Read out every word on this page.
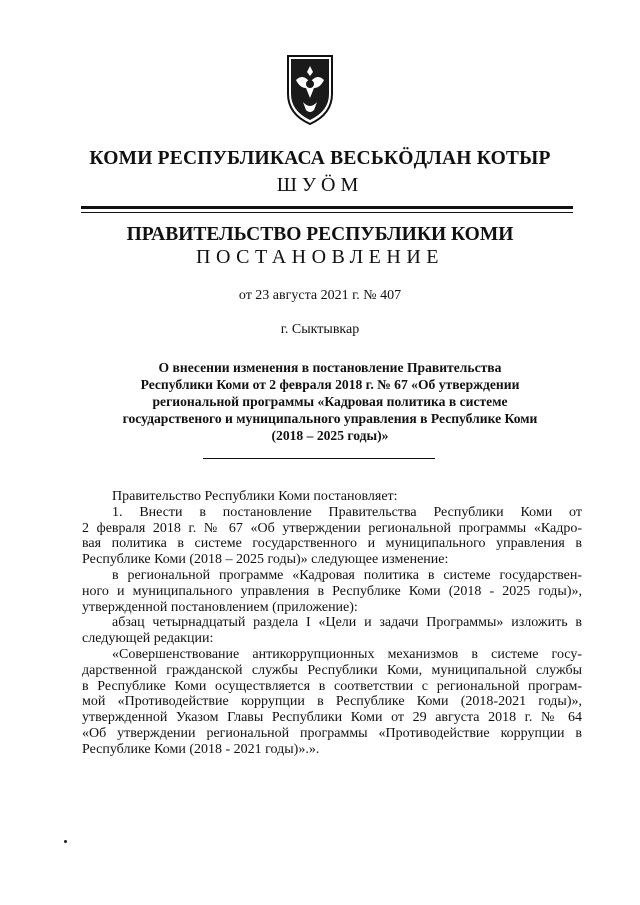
КОМИ РЕСПУБЛИКАСА ВЕСЬКӦДЛАН КОТЫР
ШУӦМ
ПРАВИТЕЛЬСТВО РЕСПУБЛИКИ КОМИ
ПОСТАНОВЛЕНИЕ
от 23 августа 2021 г. № 407
г. Сыктывкар
О внесении изменения в постановление Правительства
Республики Коми от 2 февраля 2018 г. № 67 «Об утверждении
региональной программы «Кадровая политика в системе
государственого и муниципального управления в Республике Коми
(2018 – 2025 годы)»
Правительство Республики Коми постановляет:
1. Внести в постановление Правительства Республики Коми от
2 февраля 2018 г. № 67 «Об утверждении региональной программы «Кадро-
вая политика в системе государственного и муниципального управления в
Республике Коми (2018 – 2025 годы)» следующее изменение:
в региональной программе «Кадровая политика в системе государствен-
ного и муниципального управления в Республике Коми (2018 - 2025 годы)»,
утвержденной постановлением (приложение):
абзац четырнадцатый раздела I «Цели и задачи Программы» изложить в
следующей редакции:
«Совершенствование антикоррупционных механизмов в системе госу-
дарственной гражданской службы Республики Коми, муниципальной службы
в Республике Коми осуществляется в соответствии с региональной програм-
мой «Противодействие коррупции в Республике Коми (2018-2021 годы)»,
утвержденной Указом Главы Республики Коми от 29 августа 2018 г. № 64
«Об утверждении региональной программы «Противодействие коррупции в
Республике Коми (2018 - 2021 годы)».».
